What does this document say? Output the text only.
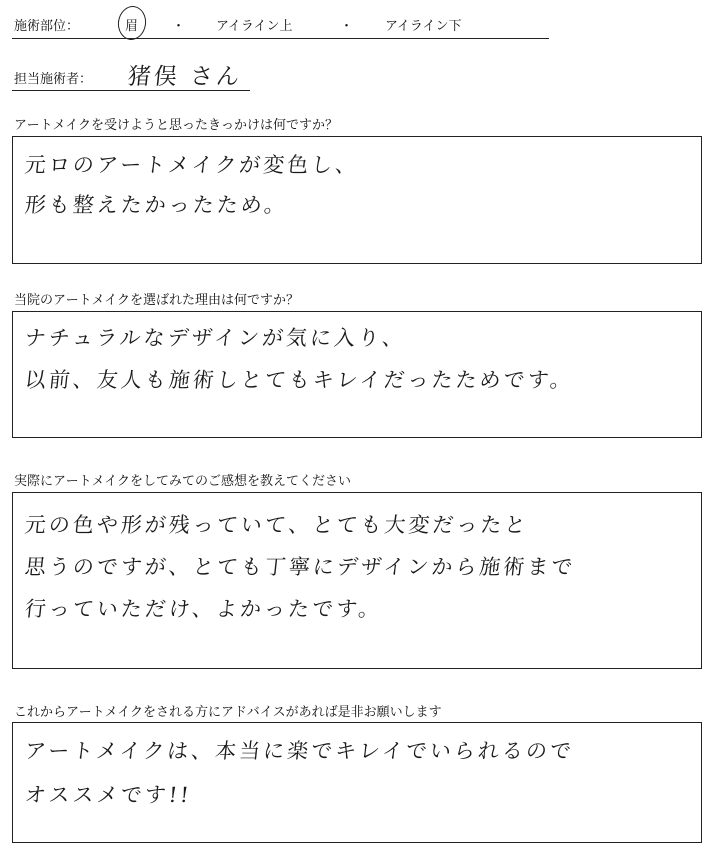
施術部位：	眉	・ アイライン上	・ アイライン下
担当施術者： 猪俣 さん
アートメイクを受けようと思ったきっかけは何ですか？
元ロのアートメイクが変色し、
形も整えたかったため。
当院のアートメイクを選ばれた理由は何ですか？
ナチュラルなデザインが気に入り、
以前、友人も施術しとてもキレイだったためです。
実際にアートメイクをしてみてのご感想を教えてください
元の色や形が残っていて、とても大変だったと
思うのですが、とても丁寧にデザインから施術まで
行っていただけ、よかったです。
これからアートメイクをされる方にアドバイスがあれば是非お願いします
アートメイクは、本当に楽でキレイでいられるので
オススメです!!
